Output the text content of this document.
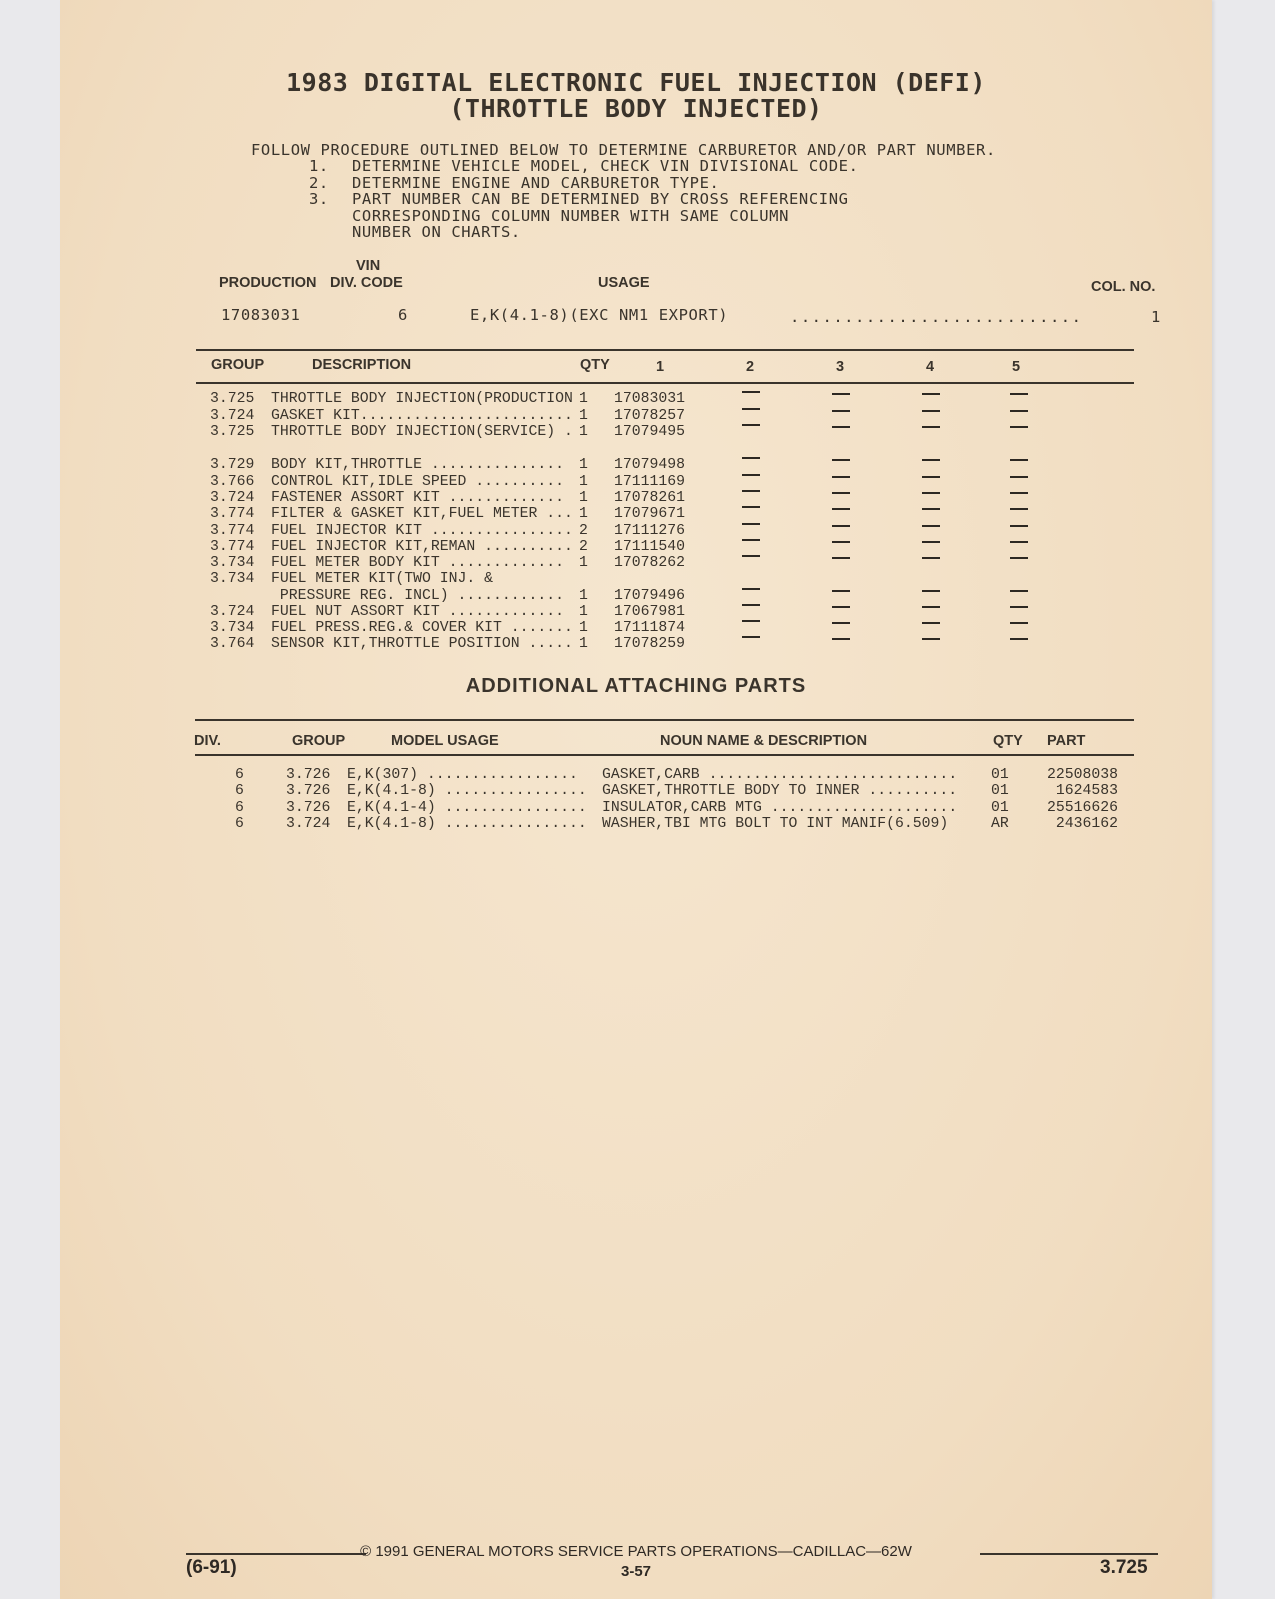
1983 DIGITAL ELECTRONIC FUEL INJECTION (DEFI)
(THROTTLE BODY INJECTED)
FOLLOW PROCEDURE OUTLINED BELOW TO DETERMINE CARBURETOR AND/OR PART NUMBER.
1. DETERMINE VEHICLE MODEL, CHECK VIN DIVISIONAL CODE.
2. DETERMINE ENGINE AND CARBURETOR TYPE.
3. PART NUMBER CAN BE DETERMINED BY CROSS REFERENCING
CORRESPONDING COLUMN NUMBER WITH SAME COLUMN
NUMBER ON CHARTS.
VIN
PRODUCTION DIV. CODE	USAGE	COL. NO.
17083031	6	E,K(4.1-8)(EXC NM1 EXPORT)	...........................	1
GROUP	DESCRIPTION	QTY	1	2	3	4	5
3.725 THROTTLE BODY INJECTION(PRODUCTION 1 17083031
3.724 GASKET KIT........................ 1 17078257
3.725 THROTTLE BODY INJECTION(SERVICE) . 1 17079495
3.729 BODY KIT,THROTTLE ............... 1 17079498
3.766 CONTROL KIT,IDLE SPEED .......... 1 17111169
3.724 FASTENER ASSORT KIT ............. 1 17078261
3.774 FILTER & GASKET KIT,FUEL METER ... 1 17079671
3.774 FUEL INJECTOR KIT ................ 2 17111276
3.774 FUEL INJECTOR KIT,REMAN .......... 2 17111540
3.734 FUEL METER BODY KIT ............. 1 17078262
3.734 FUEL METER KIT(TWO INJ. &
PRESSURE REG. INCL) ............ 1 17079496
3.724 FUEL NUT ASSORT KIT ............. 1 17067981
3.734 FUEL PRESS.REG.& COVER KIT ....... 1 17111874
3.764 SENSOR KIT,THROTTLE POSITION ..... 1 17078259
ADDITIONAL ATTACHING PARTS
DIV.	GROUP	MODEL USAGE	NOUN NAME & DESCRIPTION	QTY PART
6	3.726 E,K(307) ................. GASKET,CARB ............................ 01	22508038
6	3.726 E,K(4.1-8) ................ GASKET,THROTTLE BODY TO INNER .......... 01	1624583
6	3.726 E,K(4.1-4) ................ INSULATOR,CARB MTG ..................... 01	25516626
6	3.724 E,K(4.1-8) ................ WASHER,TBI MTG BOLT TO INT MANIF(6.509)	AR	2436162
© 1991 GENERAL MOTORS SERVICE PARTS OPERATIONS—CADILLAC—62W
(6-91)	3-57	3.725
